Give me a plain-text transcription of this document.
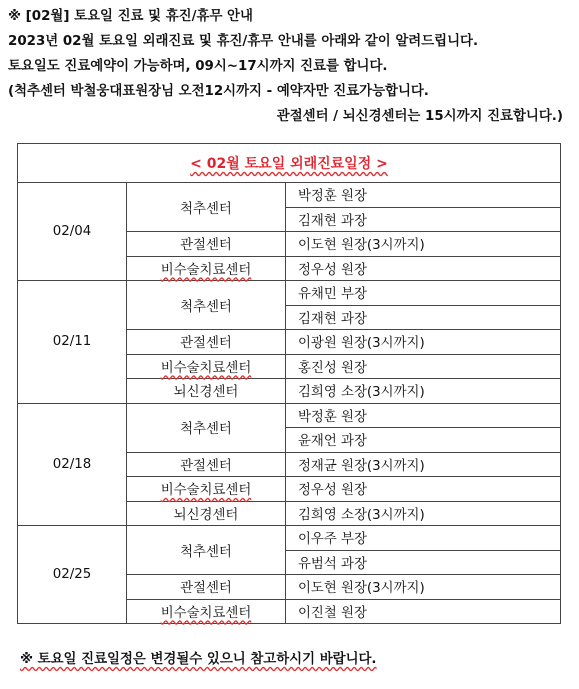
※ [02월] 토요일 진료 및 휴진/휴무 안내
2023년 02월 토요일 외래진료 및 휴진/휴무 안내를 아래와 같이 알려드립니다.
토요일도 진료예약이 가능하며, 09시~17시까지 진료를 합니다.
(척추센터 박철웅대표원장님 오전12시까지 - 예약자만 진료가능합니다.
관절센터 / 뇌신경센터는 15시까지 진료합니다.)
< 02월 토요일 외래진료일정 >		
02/04	척추센터	박정훈 원장
		김재현 과장
	관절센터	이도현 원장(3시까지)
	비수술치료센터	정우성 원장
02/11	척추센터	유채민 부장
		김재현 과장
	관절센터	이광원 원장(3시까지)
	비수술치료센터	홍진성 원장
	뇌신경센터	김희영 소장(3시까지)
02/18	척추센터	박정훈 원장
		윤재언 과장
	관절센터	정재균 원장(3시까지)
	비수술치료센터	정우성 원장
	뇌신경센터	김희영 소장(3시까지)
02/25	척추센터	이우주 부장
		유범석 과장
	관절센터	이도현 원장(3시까지)
	비수술치료센터	이진철 원장
※ 토요일 진료일정은 변경될수 있으니 참고하시기 바랍니다.
